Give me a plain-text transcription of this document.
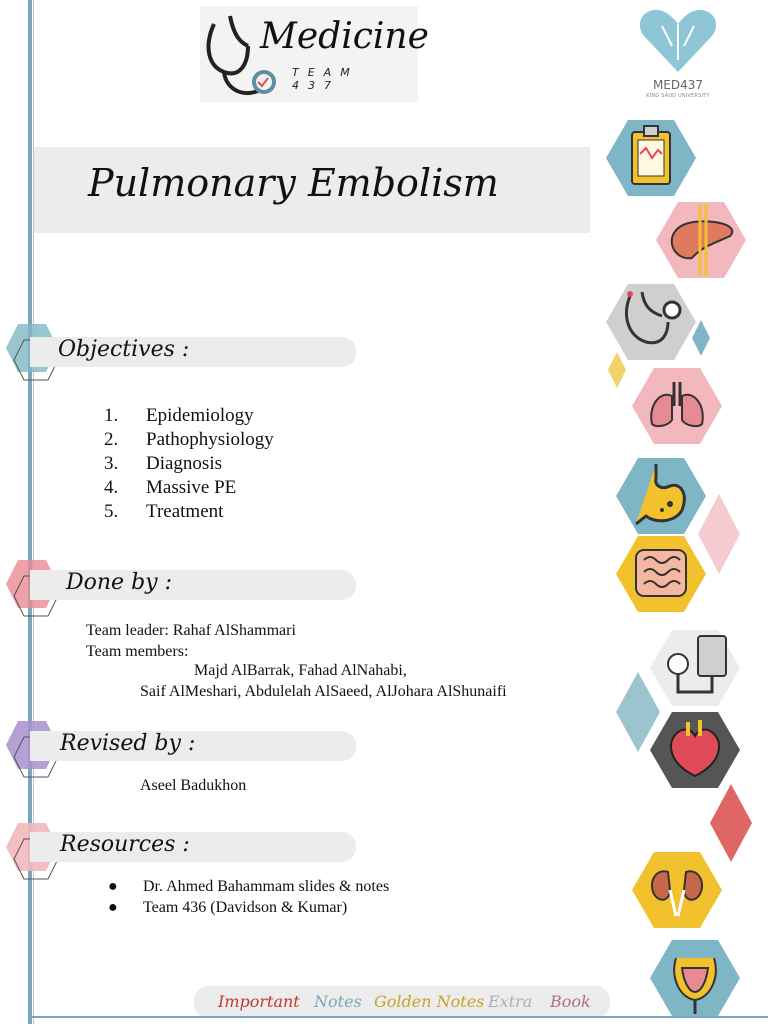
Medicine
TEAM 437	MED437
KING SAUD UNIVERSITY
Pulmonary Embolism
Objectives :
1. Epidemiology
2. Pathophysiology
3. Diagnosis
4. Massive PE
5. Treatment
Done by :
Team leader: Rahaf AlShammari
Team members:
Majd AlBarrak, Fahad AlNahabi,
Saif AlMeshari, Abdulelah AlSaeed, AlJohara AlShunaifi
Revised by :
Aseel Badukhon
Resources :
● Dr. Ahmed Bahammam slides & notes
● Team 436 (Davidson & Kumar)
Important Notes Golden Notes Extra Book
